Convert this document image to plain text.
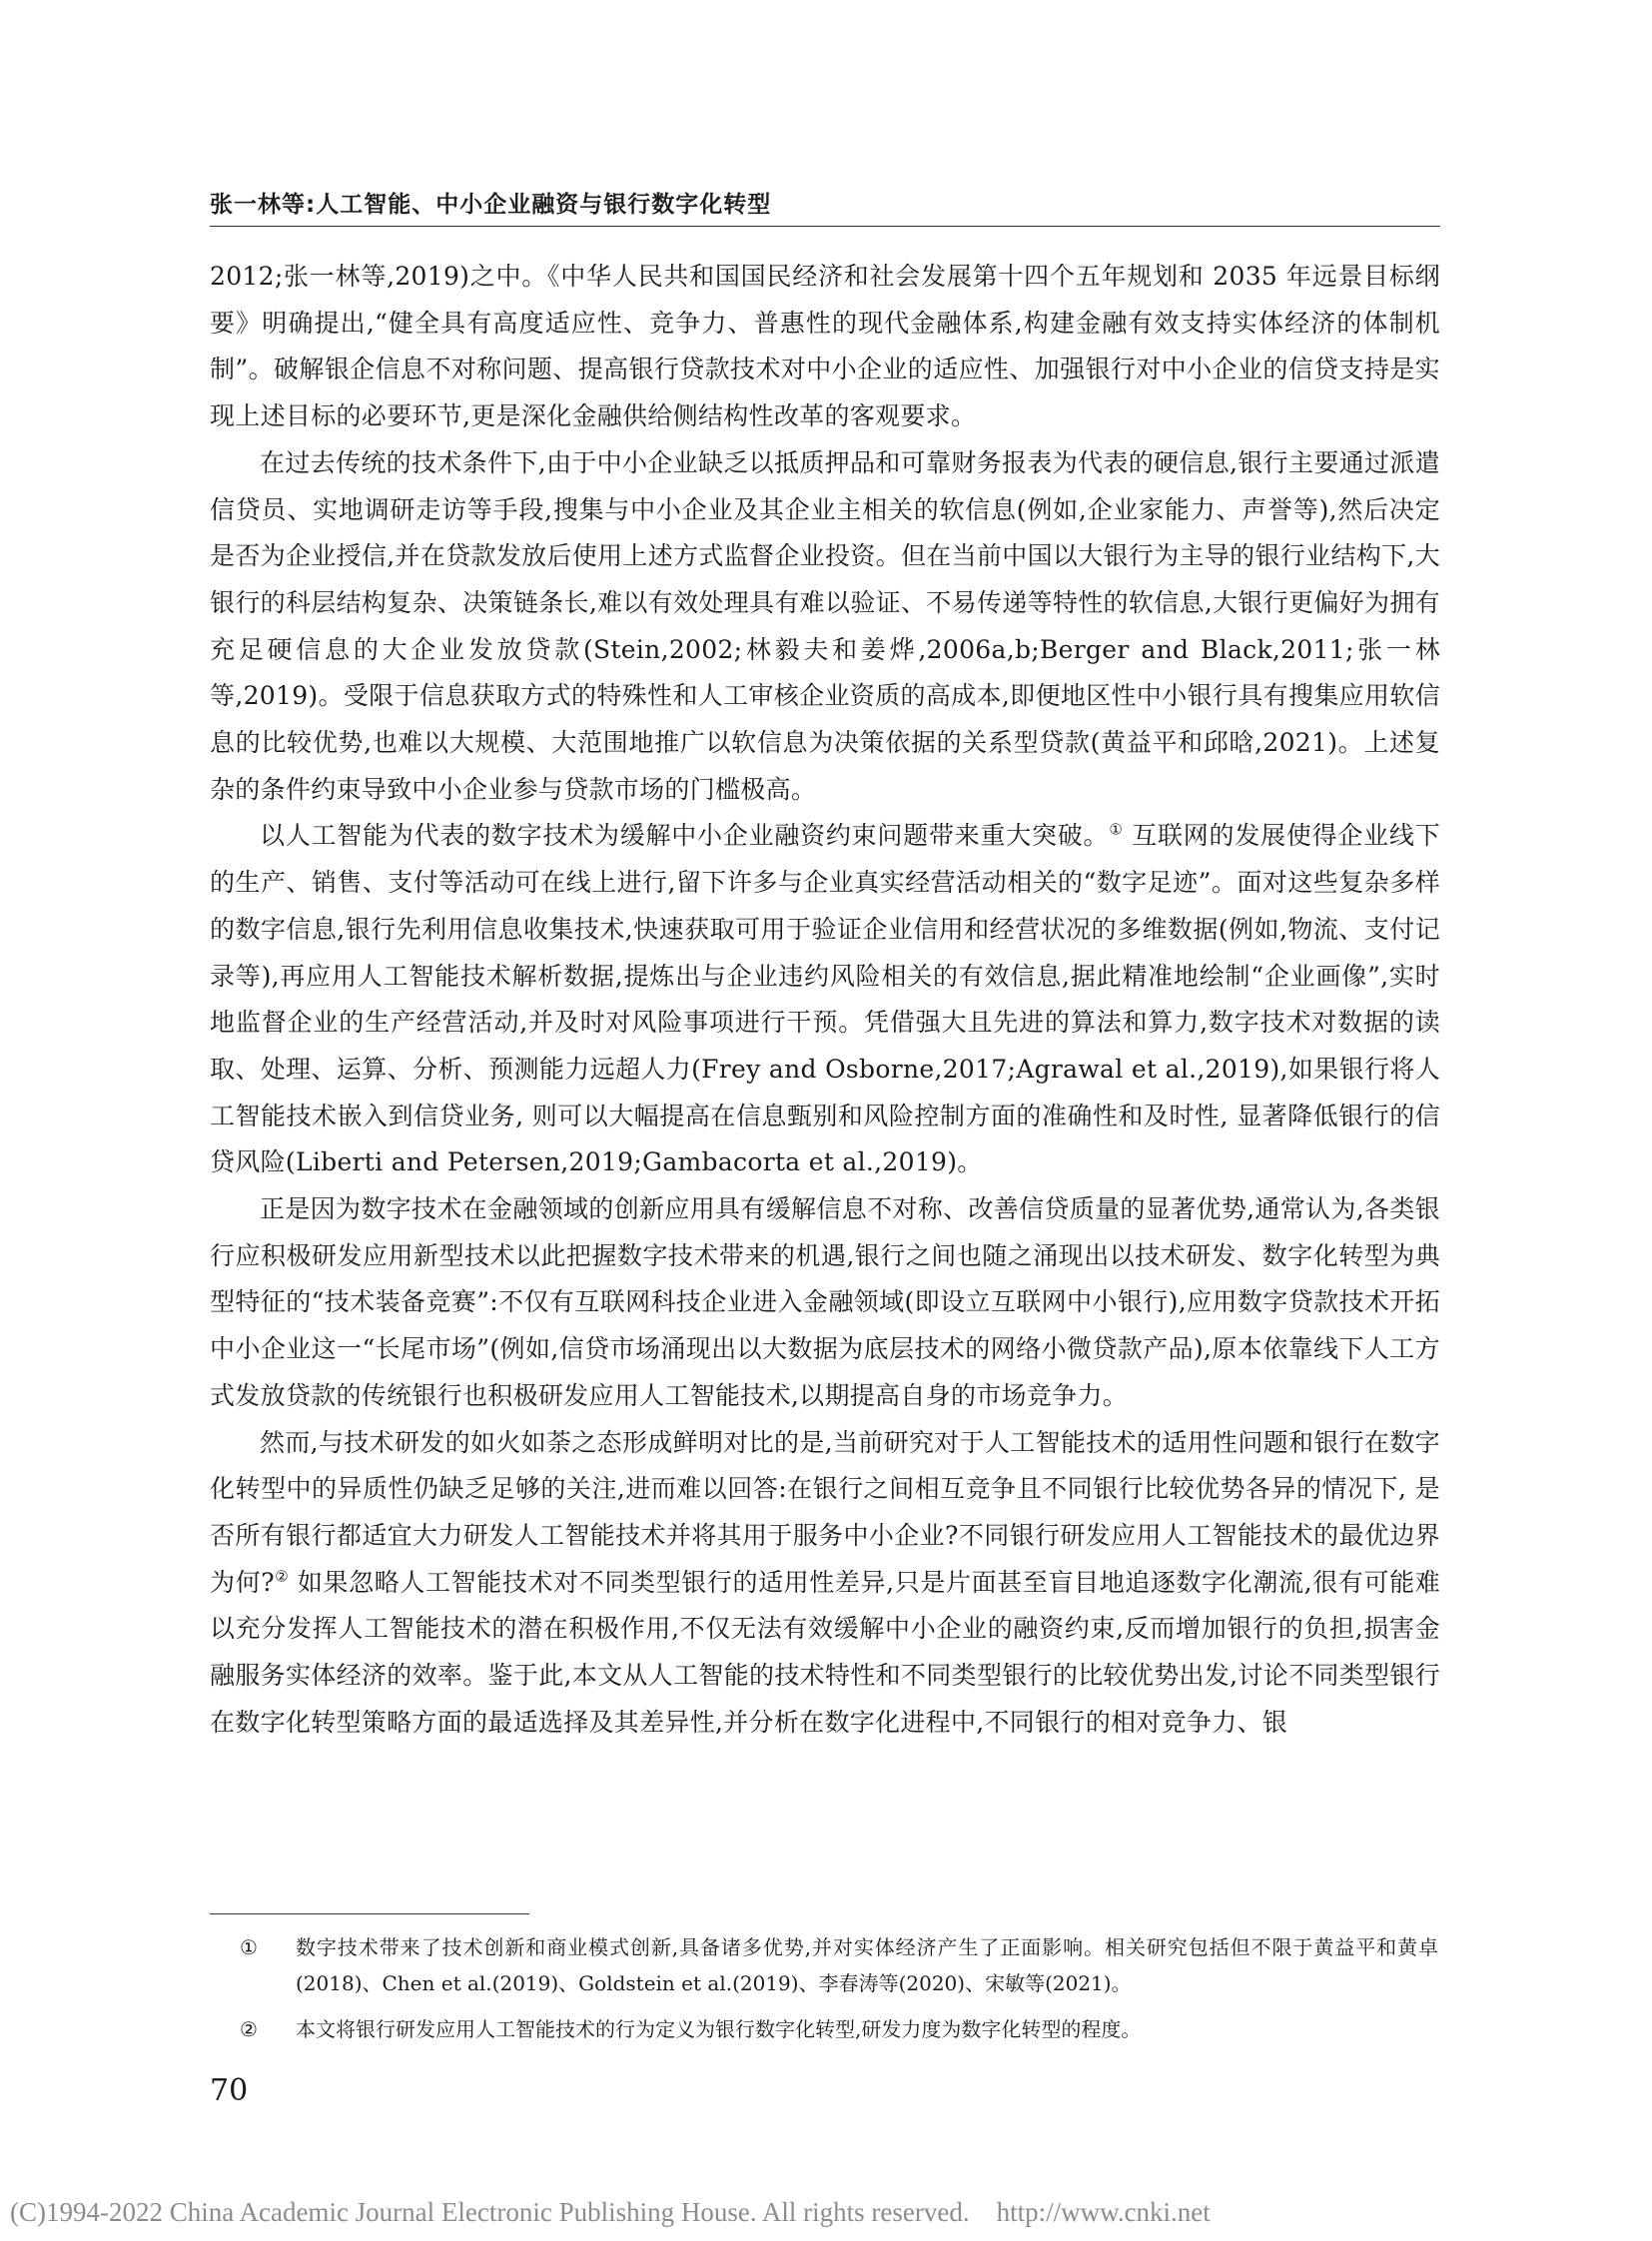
张一林等:人工智能、中小企业融资与银行数字化转型

2012;张一林等,2019)之中。《中华人民共和国国民经济和社会发展第十四个五年规划和 2035 年远景目标纲要》明确提出,“健全具有高度适应性、竞争力、普惠性的现代金融体系,构建金融有效支持实体经济的体制机制”。破解银企信息不对称问题、提高银行贷款技术对中小企业的适应性、加强银行对中小企业的信贷支持是实现上述目标的必要环节,更是深化金融供给侧结构性改革的客观要求。

在过去传统的技术条件下,由于中小企业缺乏以抵质押品和可靠财务报表为代表的硬信息,银行主要通过派遣信贷员、实地调研走访等手段,搜集与中小企业及其企业主相关的软信息(例如,企业家能力、声誉等),然后决定是否为企业授信,并在贷款发放后使用上述方式监督企业投资。但在当前中国以大银行为主导的银行业结构下,大银行的科层结构复杂、决策链条长,难以有效处理具有难以验证、不易传递等特性的软信息,大银行更偏好为拥有充足硬信息的大企业发放贷款(Stein,2002;林毅夫和姜烨,2006a,b;Berger and Black,2011;张一林等,2019)。受限于信息获取方式的特殊性和人工审核企业资质的高成本,即便地区性中小银行具有搜集应用软信息的比较优势,也难以大规模、大范围地推广以软信息为决策依据的关系型贷款(黄益平和邱晗,2021)。上述复杂的条件约束导致中小企业参与贷款市场的门槛极高。

以人工智能为代表的数字技术为缓解中小企业融资约束问题带来重大突破。① 互联网的发展使得企业线下的生产、销售、支付等活动可在线上进行,留下许多与企业真实经营活动相关的“数字足迹”。面对这些复杂多样的数字信息,银行先利用信息收集技术,快速获取可用于验证企业信用和经营状况的多维数据(例如,物流、支付记录等),再应用人工智能技术解析数据,提炼出与企业违约风险相关的有效信息,据此精准地绘制“企业画像”,实时地监督企业的生产经营活动,并及时对风险事项进行干预。凭借强大且先进的算法和算力,数字技术对数据的读取、处理、运算、分析、预测能力远超人力(Frey and Osborne,2017;Agrawal et al.,2019),如果银行将人工智能技术嵌入到信贷业务, 则可以大幅提高在信息甄别和风险控制方面的准确性和及时性, 显著降低银行的信贷风险(Liberti and Petersen,2019;Gambacorta et al.,2019)。

正是因为数字技术在金融领域的创新应用具有缓解信息不对称、改善信贷质量的显著优势,通常认为,各类银行应积极研发应用新型技术以此把握数字技术带来的机遇,银行之间也随之涌现出以技术研发、数字化转型为典型特征的“技术装备竞赛”:不仅有互联网科技企业进入金融领域(即设立互联网中小银行),应用数字贷款技术开拓中小企业这一“长尾市场”(例如,信贷市场涌现出以大数据为底层技术的网络小微贷款产品),原本依靠线下人工方式发放贷款的传统银行也积极研发应用人工智能技术,以期提高自身的市场竞争力。

然而,与技术研发的如火如荼之态形成鲜明对比的是,当前研究对于人工智能技术的适用性问题和银行在数字化转型中的异质性仍缺乏足够的关注,进而难以回答:在银行之间相互竞争且不同银行比较优势各异的情况下, 是否所有银行都适宜大力研发人工智能技术并将其用于服务中小企业?不同银行研发应用人工智能技术的最优边界为何?② 如果忽略人工智能技术对不同类型银行的适用性差异,只是片面甚至盲目地追逐数字化潮流,很有可能难以充分发挥人工智能技术的潜在积极作用,不仅无法有效缓解中小企业的融资约束,反而增加银行的负担,损害金融服务实体经济的效率。鉴于此,本文从人工智能的技术特性和不同类型银行的比较优势出发,讨论不同类型银行在数字化转型策略方面的最适选择及其差异性,并分析在数字化进程中,不同银行的相对竞争力、银

①	数字技术带来了技术创新和商业模式创新,具备诸多优势,并对实体经济产生了正面影响。相关研究包括但不限于黄益平和黄卓(2018)、Chen et al.(2019)、Goldstein et al.(2019)、李春涛等(2020)、宋敏等(2021)。
②	本文将银行研发应用人工智能技术的行为定义为银行数字化转型,研发力度为数字化转型的程度。
70
(C)1994-2022 China Academic Journal Electronic Publishing House. All rights reserved.    http://www.cnki.net
